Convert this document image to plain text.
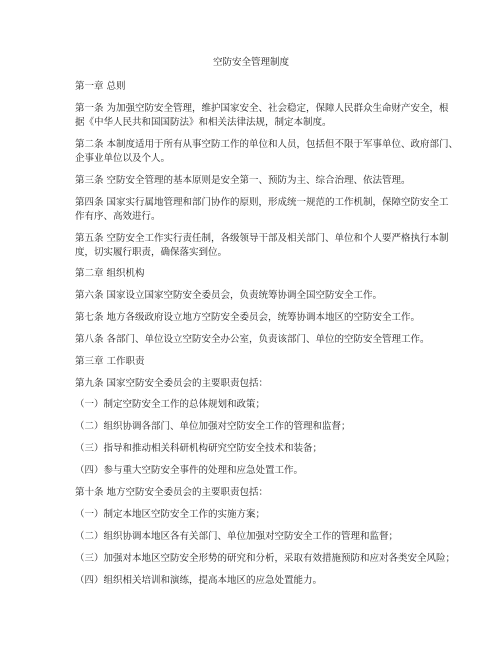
空防安全管理制度
第一章 总则
第一条 为加强空防安全管理，维护国家安全、社会稳定，保障人民群众生命财产安全，根
据《中华人民共和国国防法》和相关法律法规，制定本制度。
第二条 本制度适用于所有从事空防工作的单位和人员，包括但不限于军事单位、政府部门、
企事业单位以及个人。
第三条 空防安全管理的基本原则是安全第一、预防为主、综合治理、依法管理。
第四条 国家实行属地管理和部门协作的原则，形成统一规范的工作机制，保障空防安全工
作有序、高效进行。
第五条 空防安全工作实行责任制，各级领导干部及相关部门、单位和个人要严格执行本制
度，切实履行职责，确保落实到位。
第二章 组织机构
第六条 国家设立国家空防安全委员会，负责统筹协调全国空防安全工作。
第七条 地方各级政府设立地方空防安全委员会，统筹协调本地区的空防安全工作。
第八条 各部门、单位设立空防安全办公室，负责该部门、单位的空防安全管理工作。
第三章 工作职责
第九条 国家空防安全委员会的主要职责包括：
（一）制定空防安全工作的总体规划和政策；
（二）组织协调各部门、单位加强对空防安全工作的管理和监督；
（三）指导和推动相关科研机构研究空防安全技术和装备；
（四）参与重大空防安全事件的处理和应急处置工作。
第十条 地方空防安全委员会的主要职责包括：
（一）制定本地区空防安全工作的实施方案；
（二）组织协调本地区各有关部门、单位加强对空防安全工作的管理和监督；
（三）加强对本地区空防安全形势的研究和分析，采取有效措施预防和应对各类安全风险；
（四）组织相关培训和演练，提高本地区的应急处置能力。
